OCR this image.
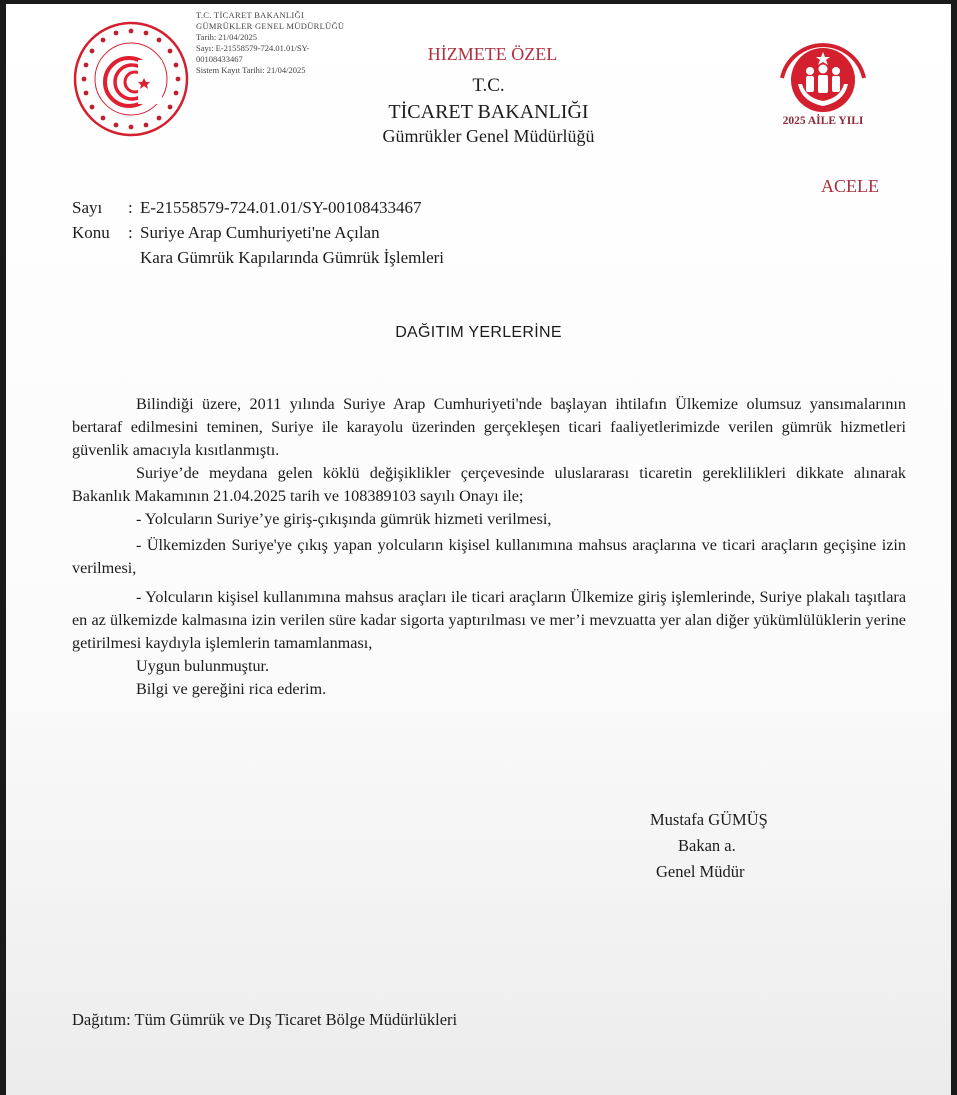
T.C. TİCARET BAKANLIĞI
GÜMRÜKLER GENEL MÜDÜRLÜĞÜ
Tarih: 21/04/2025
Sayı: E-21558579-724.01.01/SY-
00108433467
Sistem Kayıt Tarihi: 21/04/2025
HİZMETE ÖZEL
T.C.
TİCARET BAKANLIĞI
Gümrükler Genel Müdürlüğü
2025 AİLE YILI
ACELE
Sayı : E-21558579-724.01.01/SY-00108433467
Konu : Suriye Arap Cumhuriyeti'ne Açılan
Kara Gümrük Kapılarında Gümrük İşlemleri
DAĞITIM YERLERİNE

Bilindiği üzere, 2011 yılında Suriye Arap Cumhuriyeti'nde başlayan ihtilafın Ülkemize olumsuz yansımalarının bertaraf edilmesini teminen, Suriye ile karayolu üzerinden gerçekleşen ticari faaliyetlerimizde verilen gümrük hizmetleri güvenlik amacıyla kısıtlanmıştı.

Suriye’de meydana gelen köklü değişiklikler çerçevesinde uluslararası ticaretin gereklilikleri dikkate alınarak Bakanlık Makamının 21.04.2025 tarih ve 108389103 sayılı Onayı ile;

- Yolcuların Suriye’ye giriş-çıkışında gümrük hizmeti verilmesi,

- Ülkemizden Suriye'ye çıkış yapan yolcuların kişisel kullanımına mahsus araçlarına ve ticari araçların geçişine izin verilmesi,

- Yolcuların kişisel kullanımına mahsus araçları ile ticari araçların Ülkemize giriş işlemlerinde, Suriye plakalı taşıtlara en az ülkemizde kalmasına izin verilen süre kadar sigorta yaptırılması ve mer’i mevzuatta yer alan diğer yükümlülüklerin yerine getirilmesi kaydıyla işlemlerin tamamlanması,

Uygun bulunmuştur.

Bilgi ve gereğini rica ederim.

Mustafa GÜMÜŞ
Bakan a.
Genel Müdür
Dağıtım: Tüm Gümrük ve Dış Ticaret Bölge Müdürlükleri
